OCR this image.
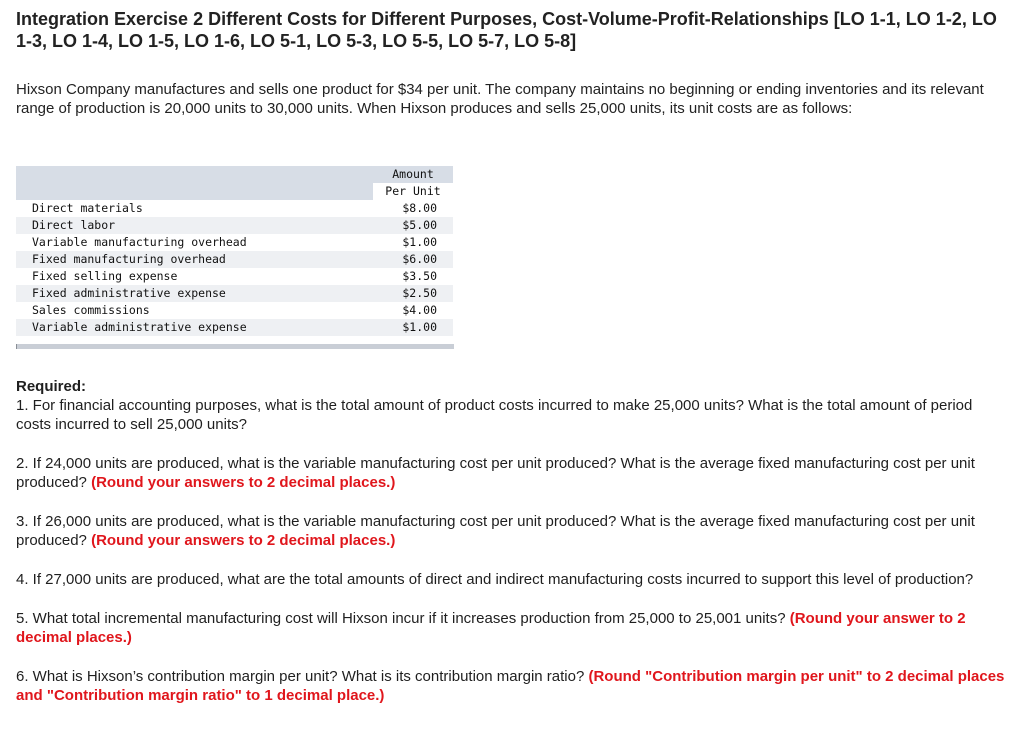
Integration Exercise 2 Different Costs for Different Purposes, Cost-Volume-Profit-Relationships [LO 1-1, LO 1-2, LO 1-3, LO 1-4, LO 1-5, LO 1-6, LO 5-1, LO 5-3, LO 5-5, LO 5-7, LO 5-8]

Hixson Company manufactures and sells one product for $34 per unit. The company maintains no beginning or ending inventories and its relevant range of production is 20,000 units to 30,000 units. When Hixson produces and sells 25,000 units, its unit costs are as follows:

	Amount
	Per Unit
Direct materials	$8.00
Direct labor	$5.00
Variable manufacturing overhead	$1.00
Fixed manufacturing overhead	$6.00
Fixed selling expense	$3.50
Fixed administrative expense	$2.50
Sales commissions	$4.00
Variable administrative expense	$1.00
Required:

1. For financial accounting purposes, what is the total amount of product costs incurred to make 25,000 units? What is the total amount of period costs incurred to sell 25,000 units?

2. If 24,000 units are produced, what is the variable manufacturing cost per unit produced? What is the average fixed manufacturing cost per unit produced? (Round your answers to 2 decimal places.)

3. If 26,000 units are produced, what is the variable manufacturing cost per unit produced? What is the average fixed manufacturing cost per unit produced? (Round your answers to 2 decimal places.)

4. If 27,000 units are produced, what are the total amounts of direct and indirect manufacturing costs incurred to support this level of production?

5. What total incremental manufacturing cost will Hixson incur if it increases production from 25,000 to 25,001 units? (Round your answer to 2 decimal places.)

6. What is Hixson’s contribution margin per unit? What is its contribution margin ratio? (Round "Contribution margin per unit" to 2 decimal places and "Contribution margin ratio" to 1 decimal place.)
